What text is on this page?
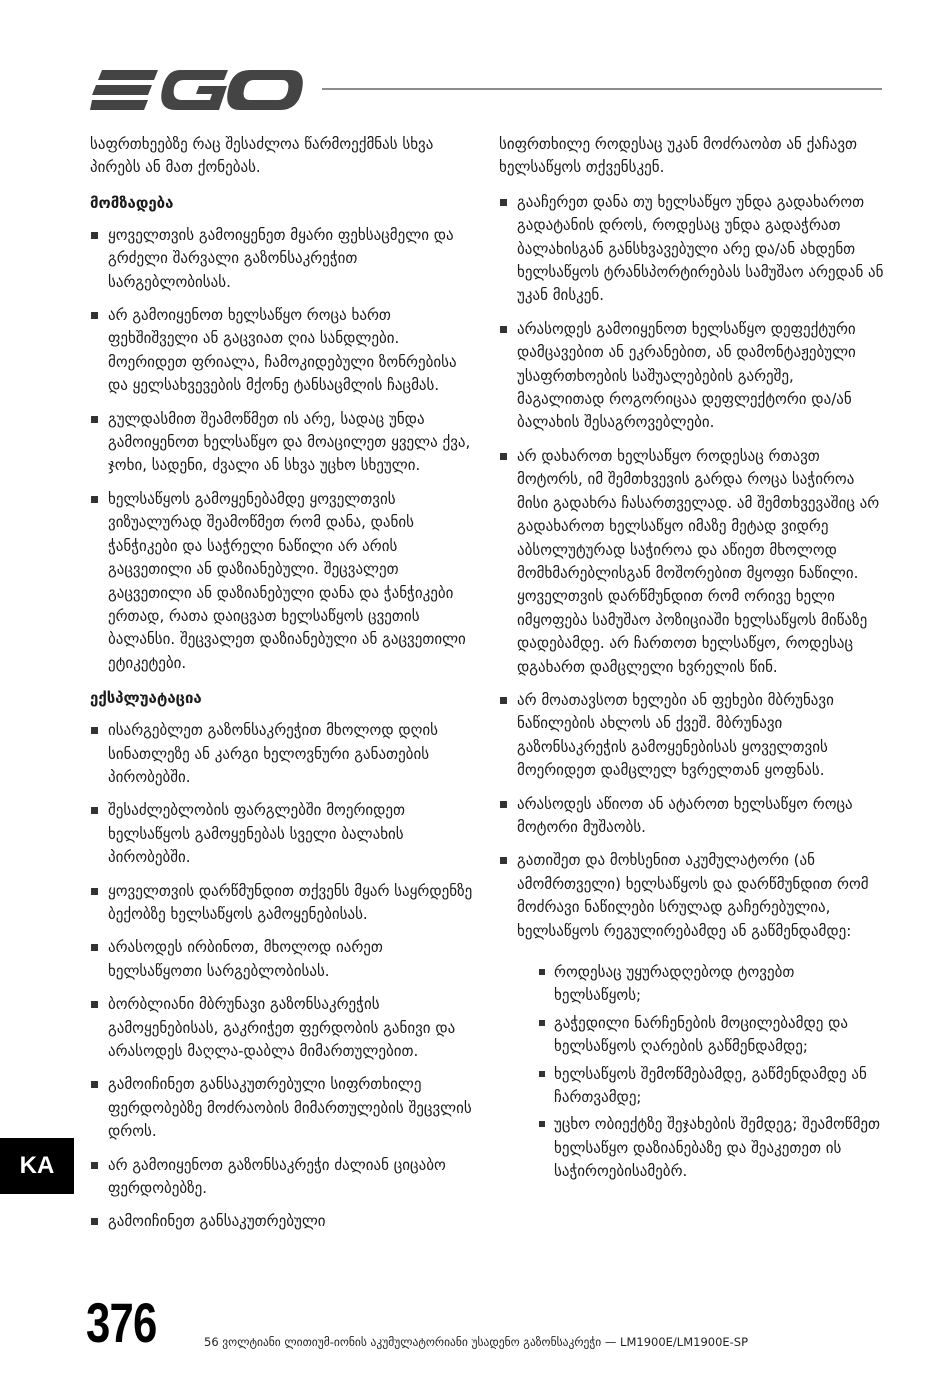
საფრთხეებზე რაც შესაძლოა წარმოექმნას სხვა პირებს ან მათ ქონებას.

მომზადება
ყოველთვის გამოიყენეთ მყარი ფეხსაცმელი და გრძელი შარვალი გაზონსაკრეჭით სარგებლობისას.
არ გამოიყენოთ ხელსაწყო როცა ხართ ფეხშიშველი ან გაცვიათ ღია სანდლები. მოერიდეთ ფრიალა, ჩამოკიდებული ზონრებისა და ყელსახვევების მქონე ტანსაცმლის ჩაცმას.
გულდასმით შეამოწმეთ ის არე, სადაც უნდა გამოიყენოთ ხელსაწყო და მოაცილეთ ყველა ქვა, ჯოხი, სადენი, ძვალი ან სხვა უცხო სხეული.
ხელსაწყოს გამოყენებამდე ყოველთვის ვიზუალურად შეამოწმეთ რომ დანა, დანის ჭანჭიკები და საჭრელი ნაწილი არ არის გაცვეთილი ან დაზიანებული. შეცვალეთ გაცვეთილი ან დაზიანებული დანა და ჭანჭიკები ერთად, რათა დაიცვათ ხელსაწყოს ცვეთის ბალანსი. შეცვალეთ დაზიანებული ან გაცვეთილი ეტიკეტები.
ექსპლუატაცია
ისარგებლეთ გაზონსაკრეჭით მხოლოდ დღის სინათლეზე ან კარგი ხელოვნური განათების პირობებში.
შესაძლებლობის ფარგლებში მოერიდეთ ხელსაწყოს გამოყენებას სველი ბალახის პირობებში.
ყოველთვის დარწმუნდით თქვენს მყარ საყრდენზე ბექობზე ხელსაწყოს გამოყენებისას.
არასოდეს ირბინოთ, მხოლოდ იარეთ ხელსაწყოთი სარგებლობისას.
ბორბლიანი მბრუნავი გაზონსაკრეჭის გამოყენებისას, გაკრიჭეთ ფერდობის განივი და არასოდეს მაღლა-დაბლა მიმართულებით.
გამოიჩინეთ განსაკუთრებული სიფრთხილე ფერდობებზე მოძრაობის მიმართულების შეცვლის დროს.
არ გამოიყენოთ გაზონსაკრეჭი ძალიან ციცაბო ფერდობებზე.
გამოიჩინეთ განსაკუთრებული

სიფრთხილე როდესაც უკან მოძრაობთ ან ქაჩავთ ხელსაწყოს თქვენსკენ.

გააჩერეთ დანა თუ ხელსაწყო უნდა გადახაროთ გადატანის დროს, როდესაც უნდა გადაჭრათ ბალახისგან განსხვავებული არე და/ან ახდენთ ხელსაწყოს ტრანსპორტირებას სამუშაო არედან ან უკან მისკენ.
არასოდეს გამოიყენოთ ხელსაწყო დეფექტური დამცავებით ან ეკრანებით, ან დამონტაჟებული უსაფრთხოების საშუალებების გარეშე, მაგალითად როგორიცაა დეფლექტორი და/ან ბალახის შესაგროვებლები.
არ დახაროთ ხელსაწყო როდესაც რთავთ მოტორს, იმ შემთხვევის გარდა როცა საჭიროა მისი გადახრა ჩასართველად. ამ შემთხვევაშიც არ გადახაროთ ხელსაწყო იმაზე მეტად ვიდრე აბსოლუტურად საჭიროა და აწიეთ მხოლოდ მომხმარებლისგან მოშორებით მყოფი ნაწილი. ყოველთვის დარწმუნდით რომ ორივე ხელი იმყოფება სამუშაო პოზიციაში ხელსაწყოს მიწაზე დადებამდე. არ ჩართოთ ხელსაწყო, როდესაც დგახართ დამცლელი ხვრელის წინ.
არ მოათავსოთ ხელები ან ფეხები მბრუნავი ნაწილების ახლოს ან ქვეშ. მბრუნავი გაზონსაკრეჭის გამოყენებისას ყოველთვის მოერიდეთ დამცლელ ხვრელთან ყოფნას.
არასოდეს აწიოთ ან ატაროთ ხელსაწყო როცა მოტორი მუშაობს.
გათიშეთ და მოხსენით აკუმულატორი (ან ამომრთველი) ხელსაწყოს და დარწმუნდით რომ მოძრავი ნაწილები სრულად გაჩერებულია, ხელსაწყოს რეგულირებამდე ან გაწმენდამდე:
როდესაც უყურადღებოდ ტოვებთ ხელსაწყოს;
გაჭედილი ნარჩენების მოცილებამდე და ხელსაწყოს ღარების გაწმენდამდე;
ხელსაწყოს შემოწმებამდე, გაწმენდამდე ან ჩართვამდე;
უცხო ობიექტზე შეჯახების შემდეგ; შეამოწმეთ ხელსაწყო დაზიანებაზე და შეაკეთეთ ის საჭიროებისამებრ.
KA
376	56 ვოლტიანი ლითიუმ-იონის აკუმულატორიანი უსადენო გაზონსაკრეჭი — LM1900E/LM1900E-SP
